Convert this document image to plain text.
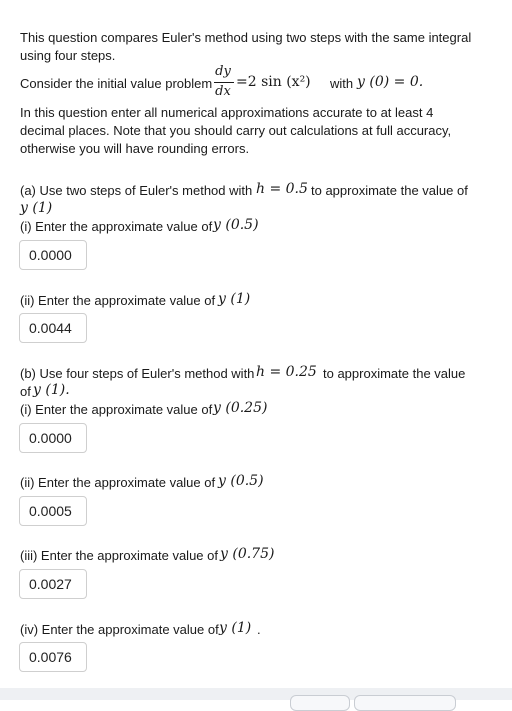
This question compares Euler's method using two steps with the same integral
using four steps.
Consider the initial value problem
dy
dx
=2 sin (x²) with y (0) = 0.
In this question enter all numerical approximations accurate to at least 4
decimal places. Note that you should carry out calculations at full accuracy,
otherwise you will have rounding errors.
(a) Use two steps of Euler's method with h = 0.5 to approximate the value of
y (1)
(i) Enter the approximate value of y (0.5)
0.0000
(ii) Enter the approximate value of y (1)
0.0044
(b) Use four steps of Euler's method with h = 0.25 to approximate the value
of y (1).
(i) Enter the approximate value of y (0.25)
0.0000
(ii) Enter the approximate value of y (0.5)
0.0005
(iii) Enter the approximate value of y (0.75)
0.0027
(iv) Enter the approximate value of y (1) .
0.0076
